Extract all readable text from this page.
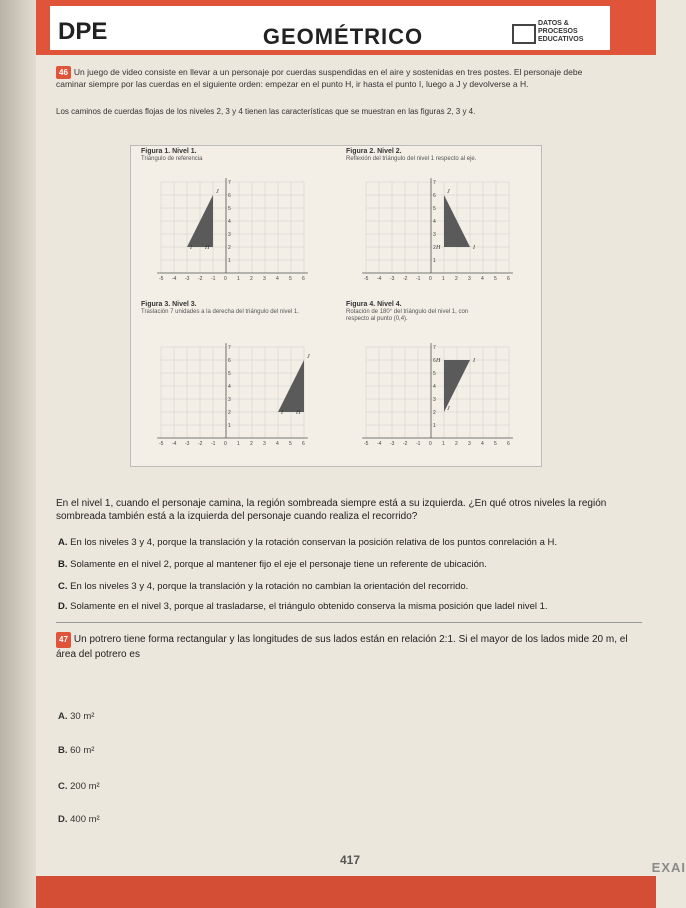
DPE	GEOMÉTRICO
DATOS &
PROCESOS
EDUCATIVOS
46 Un juego de video consiste en llevar a un personaje por cuerdas suspendidas en el aire y sostenidas en tres postes. El personaje debe caminar siempre por las cuerdas en el siguiente orden: empezar en el punto H, ir hasta el punto I, luego a J y devolverse a H.
Los caminos de cuerdas flojas de los niveles 2, 3 y 4 tienen las características que se muestran en las figuras 2, 3 y 4.
Figura 1. Nivel 1.
Triángulo de referencia
-5 -4 -3 -2 -1 0 1 2 3 4 5 6
1
2
3
4
5
6
7
H
I
J
Figura 2. Nivel 2.
Reflexión del triángulo del nivel 1 respecto al eje.
-5 -4 -3 -2 -1 0 1 2 3 4 5 6
1
2
3
4
5
6
7
H	I
J
Figura 3. Nivel 3.
Traslación 7 unidades a la derecha del triángulo del nivel 1.
-5 -4 -3 -2 -1 0 1 2 3 4 5 6
1
2
3
4
5
6
7
H
I
J
Figura 4. Nivel 4.
Rotación de 180° del triángulo del nivel 1, con respecto al punto (0,4).
-5 -4 -3 -2 -1 0 1 2 3 4 5 6
1
2
3
4
5
6
7
H	I
J
En el nivel 1, cuando el personaje camina, la región sombreada siempre está a su izquierda. ¿En qué otros niveles la región sombreada también está a la izquierda del personaje cuando realiza el recorrido?
A. En los niveles 3 y 4, porque la translación y la rotación conservan la posición relativa de los puntos conrelación a H.
B. Solamente en el nivel 2, porque al mantener fijo el eje el personaje tiene un referente de ubicación.
C. En los niveles 3 y 4, porque la translación y la rotación no cambian la orientación del recorrido.
D. Solamente en el nivel 3, porque al trasladarse, el triángulo obtenido conserva la misma posición que ladel nivel 1.
47 Un potrero tiene forma rectangular y las longitudes de sus lados están en relación 2:1. Si el mayor de los lados mide 20 m, el área del potrero es
A. 30 m²
B. 60 m²
C. 200 m²
D. 400 m²
417	EXAI
